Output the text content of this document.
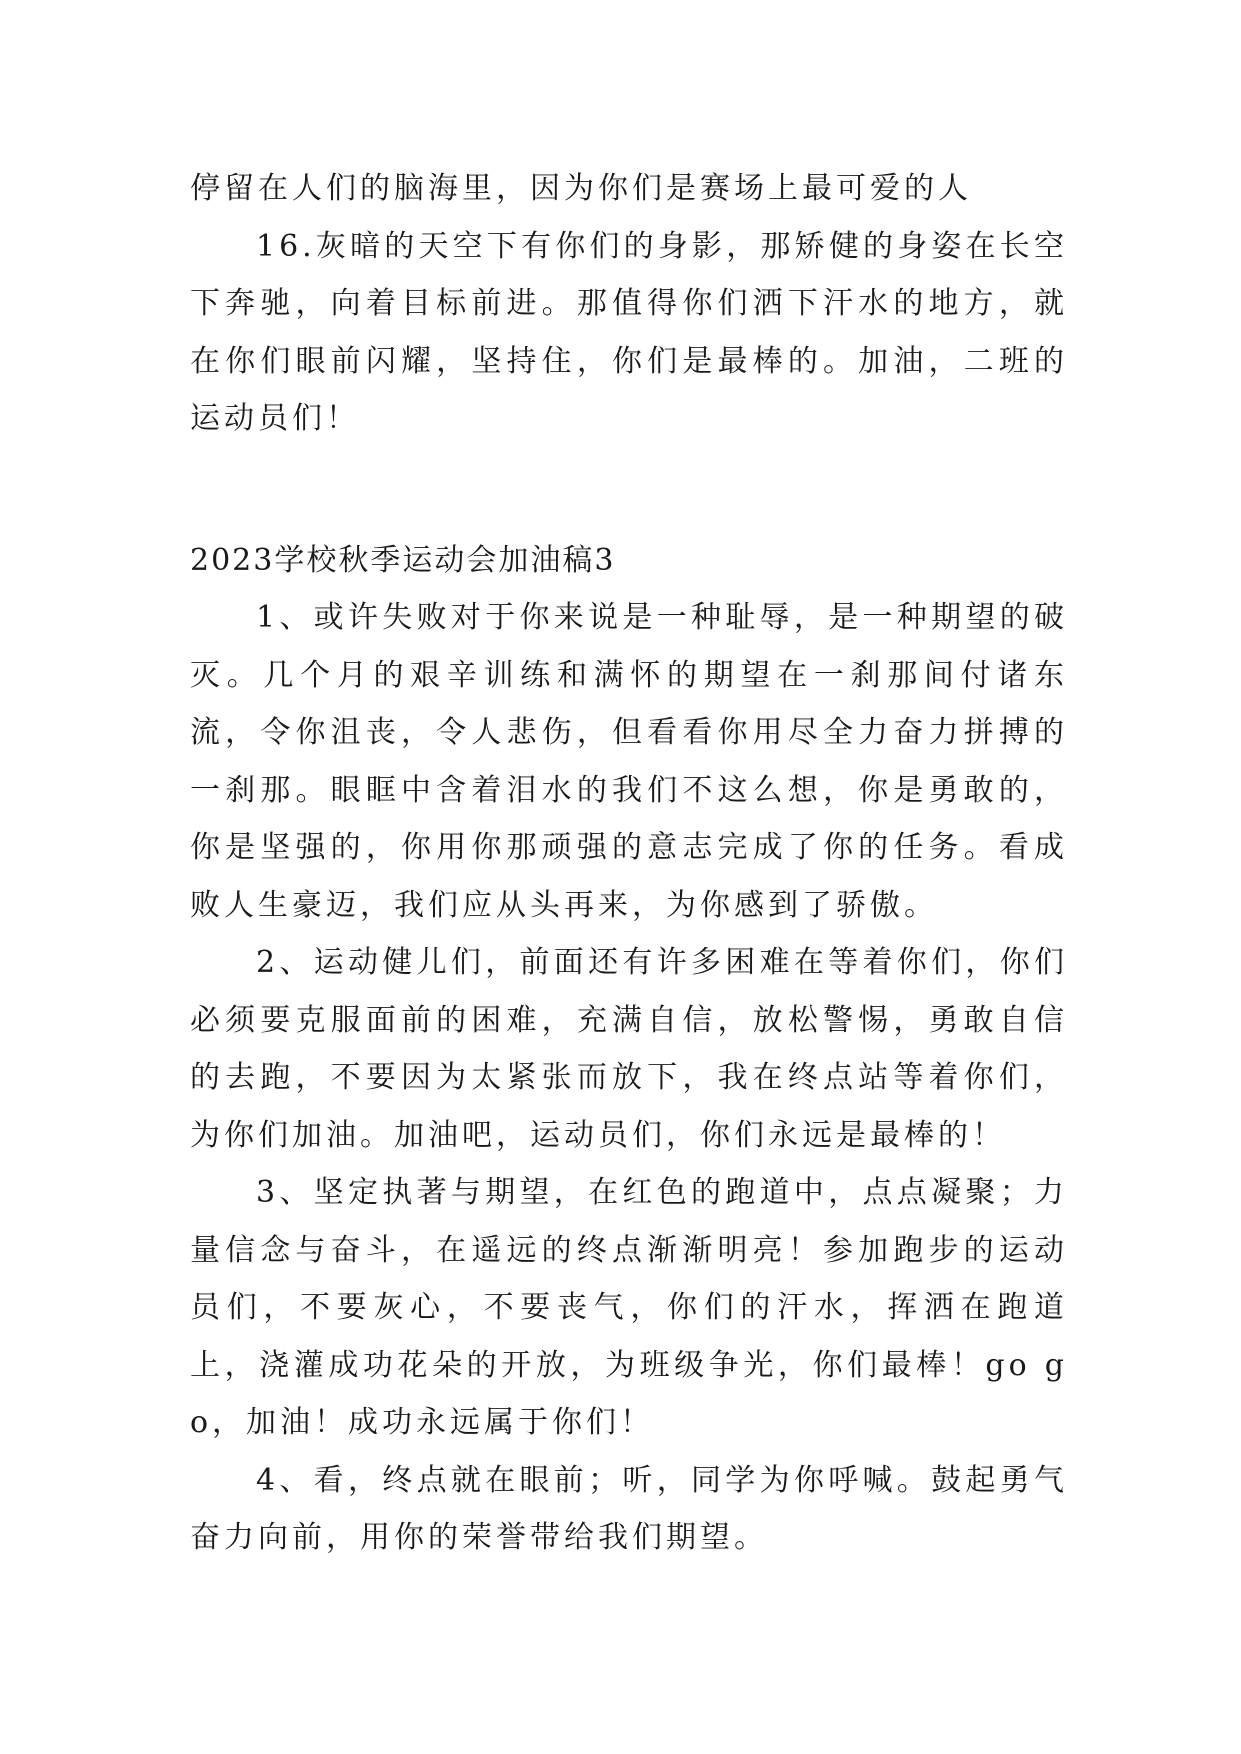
停留在人们的脑海里，因为你们是赛场上最可爱的人

16.灰暗的天空下有你们的身影，那矫健的身姿在长空下奔驰，向着目标前进。那值得你们洒下汗水的地方，就在你们眼前闪耀，坚持住，你们是最棒的。加油，二班的运动员们！

2023学校秋季运动会加油稿3

1、或许失败对于你来说是一种耻辱，是一种期望的破灭。几个月的艰辛训练和满怀的期望在一刹那间付诸东流，令你沮丧，令人悲伤，但看看你用尽全力奋力拼搏的一刹那。眼眶中含着泪水的我们不这么想，你是勇敢的，你是坚强的，你用你那顽强的意志完成了你的任务。看成败人生豪迈，我们应从头再来，为你感到了骄傲。

2、运动健儿们，前面还有许多困难在等着你们，你们必须要克服面前的困难，充满自信，放松警惕，勇敢自信的去跑，不要因为太紧张而放下，我在终点站等着你们，为你们加油。加油吧，运动员们，你们永远是最棒的！

3、坚定执著与期望，在红色的跑道中，点点凝聚；力量信念与奋斗，在遥远的终点渐渐明亮！参加跑步的运动员们，不要灰心，不要丧气，你们的汗水，挥洒在跑道上，浇灌成功花朵的开放，为班级争光，你们最棒！go go，加油！成功永远属于你们！

4、看，终点就在眼前；听，同学为你呼喊。鼓起勇气奋力向前，用你的荣誉带给我们期望。
